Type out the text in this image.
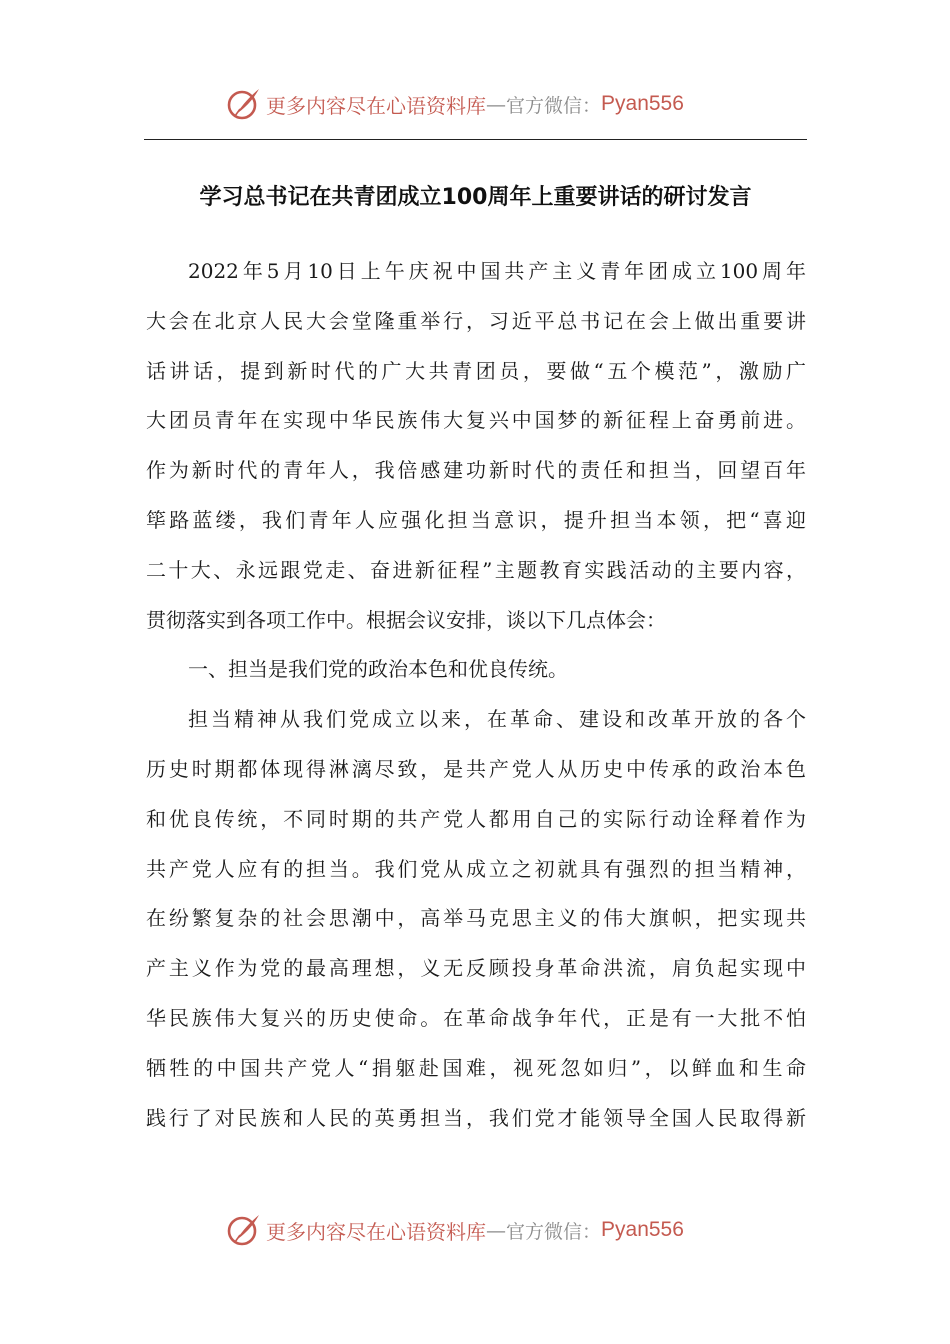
更多内容尽在心语资料库 — 官方微信： Pyan556
学习总书记在共青团成立100周年上重要讲话的研讨发言
2022年5月10日上午庆祝中国共产主义青年团成立100周年
大会在北京人民大会堂隆重举行，习近平总书记在会上做出重要讲
话讲话，提到新时代的广大共青团员，要做“五个模范”，激励广
大团员青年在实现中华民族伟大复兴中国梦的新征程上奋勇前进。
作为新时代的青年人，我倍感建功新时代的责任和担当，回望百年
筚路蓝缕，我们青年人应强化担当意识，提升担当本领，把“喜迎
二十大、永远跟党走、奋进新征程”主题教育实践活动的主要内容，
贯彻落实到各项工作中。根据会议安排，谈以下几点体会：
一、担当是我们党的政治本色和优良传统。
担当精神从我们党成立以来，在革命、建设和改革开放的各个
历史时期都体现得淋漓尽致，是共产党人从历史中传承的政治本色
和优良传统，不同时期的共产党人都用自己的实际行动诠释着作为
共产党人应有的担当。我们党从成立之初就具有强烈的担当精神，
在纷繁复杂的社会思潮中，高举马克思主义的伟大旗帜，把实现共
产主义作为党的最高理想，义无反顾投身革命洪流，肩负起实现中
华民族伟大复兴的历史使命。在革命战争年代，正是有一大批不怕
牺牲的中国共产党人“捐躯赴国难，视死忽如归”，以鲜血和生命
践行了对民族和人民的英勇担当，我们党才能领导全国人民取得新
更多内容尽在心语资料库 — 官方微信： Pyan556
